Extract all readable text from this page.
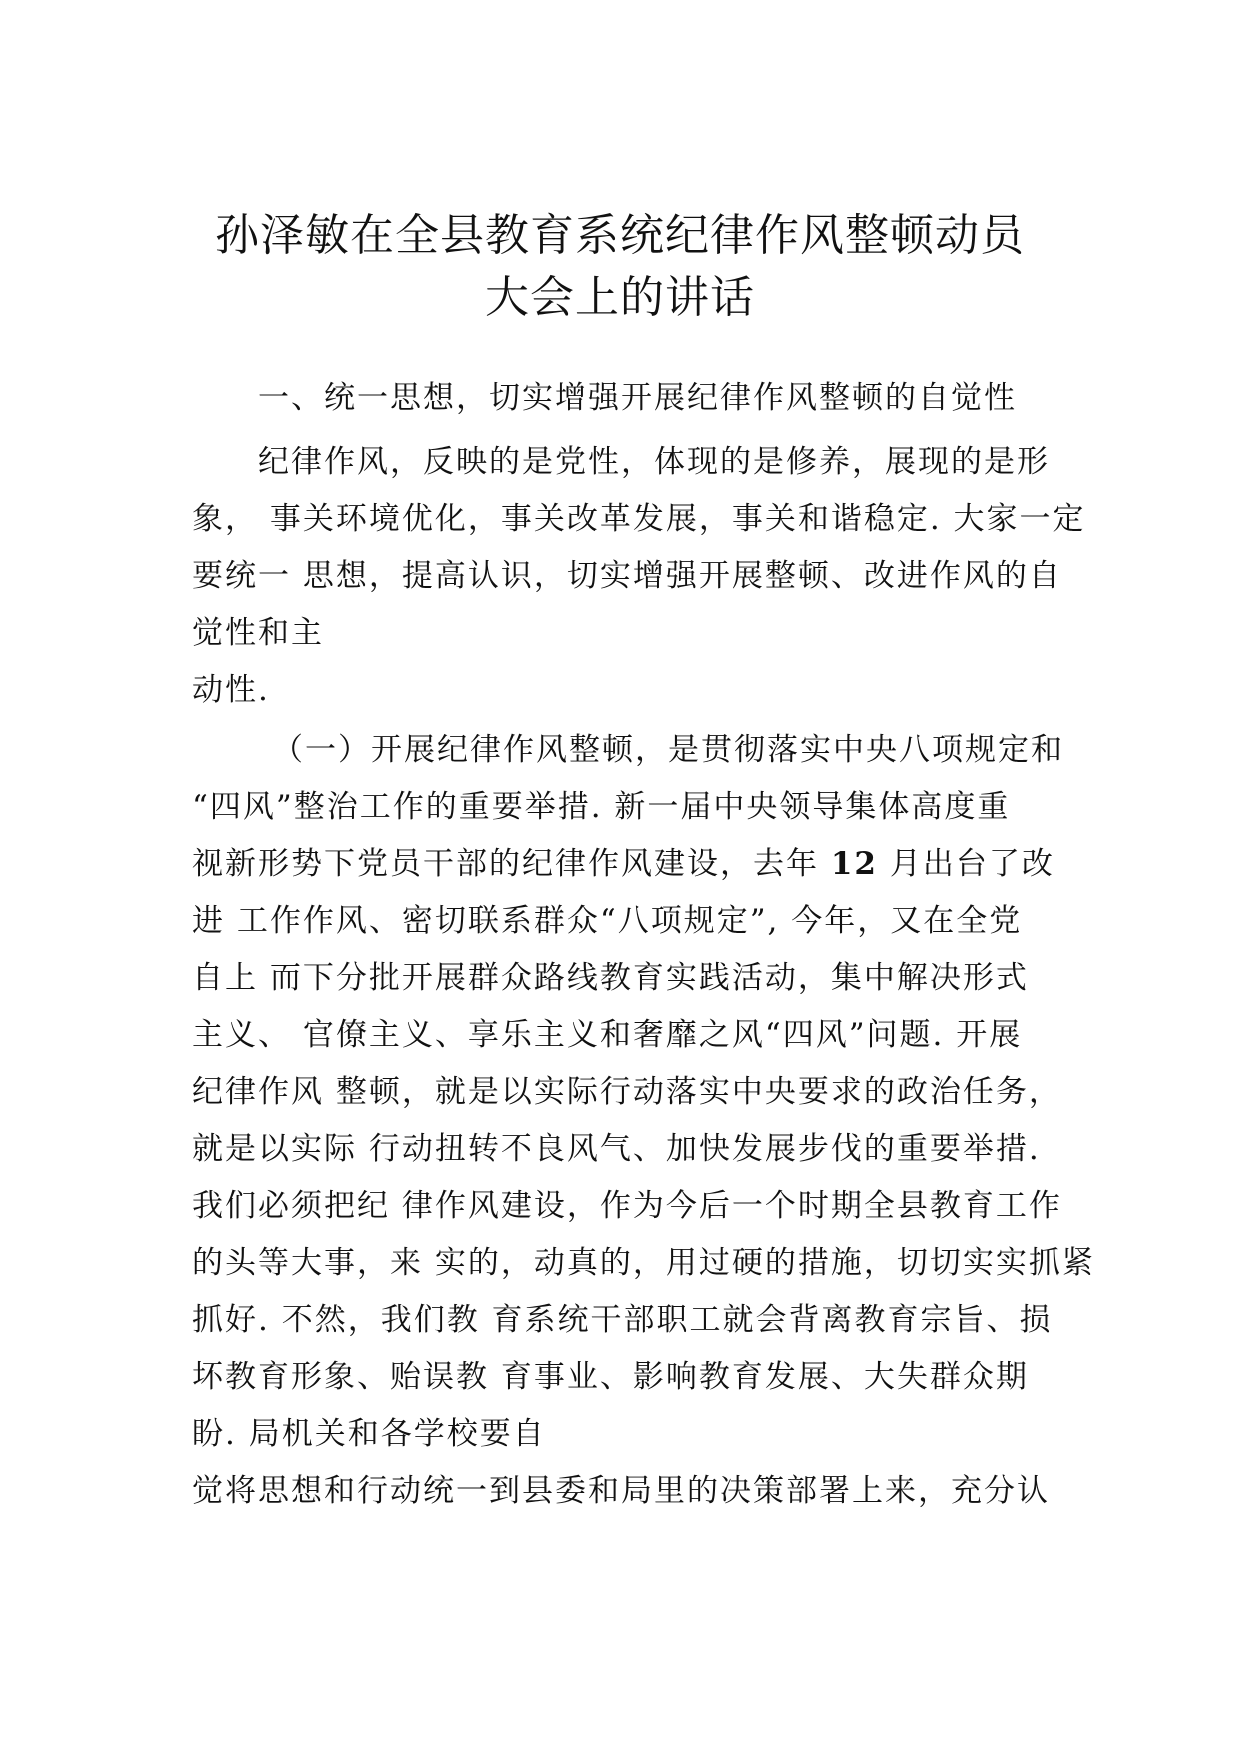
孙泽敏在全县教育系统纪律作风整顿动员
大会上的讲话

一、统一思想，切实增强开展纪律作风整顿的自觉性

纪律作风，反映的是党性，体现的是修养，展现的是形
象， 事关环境优化，事关改革发展，事关和谐稳定. 大家一定
要统一 思想，提高认识，切实增强开展整顿、改进作风的自
觉性和主
动性.
（一）开展纪律作风整顿，是贯彻落实中央八项规定和
“四风”整治工作的重要举措. 新一届中央领导集体高度重
视新形势下党员干部的纪律作风建设，去年 12 月出台了改
进 工作作风、密切联系群众“八项规定”, 今年，又在全党
自上 而下分批开展群众路线教育实践活动，集中解决形式
主义、 官僚主义、享乐主义和奢靡之风“四风”问题. 开展
纪律作风 整顿，就是以实际行动落实中央要求的政治任务，
就是以实际 行动扭转不良风气、加快发展步伐的重要举措.
我们必须把纪 律作风建设，作为今后一个时期全县教育工作
的头等大事，来 实的，动真的，用过硬的措施，切切实实抓紧
抓好. 不然，我们教 育系统干部职工就会背离教育宗旨、损
坏教育形象、贻误教 育事业、影响教育发展、大失群众期
盼. 局机关和各学校要自
觉将思想和行动统一到县委和局里的决策部署上来，充分认
